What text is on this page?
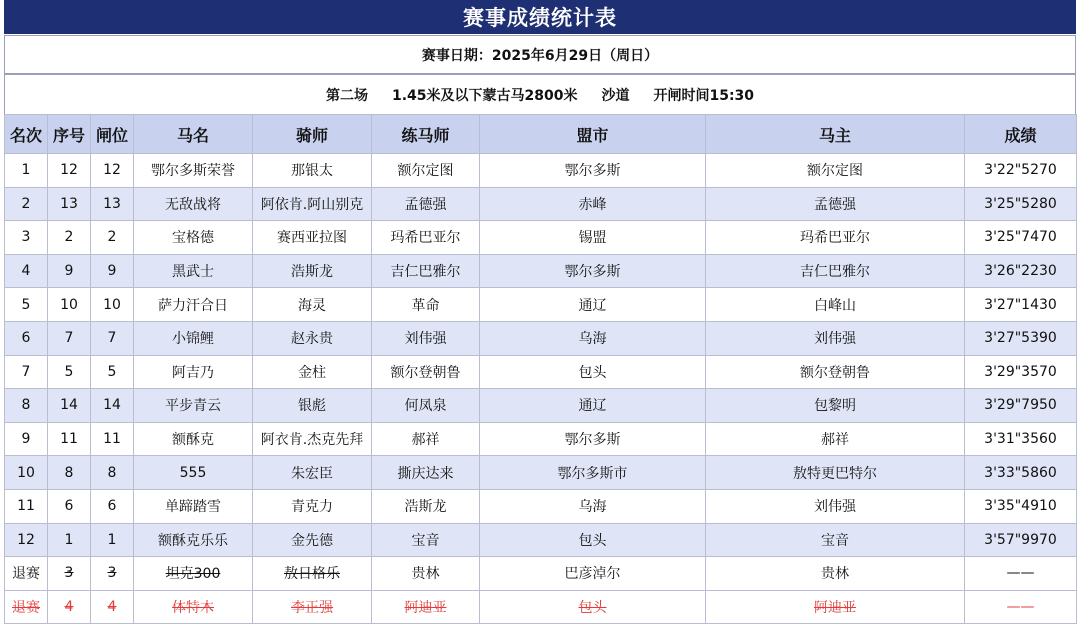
赛事成绩统计表
赛事日期：2025年6月29日（周日）
第二场 1.45米及以下蒙古马2800米 沙道 开闸时间15:30
名次	序号	闸位	马名	骑师	练马师	盟市	马主	成绩
1	12	12	鄂尔多斯荣誉	那银太	额尔定图	鄂尔多斯	额尔定图	3'22"5270
2	13	13	无敌战将	阿依肯.阿山别克	孟德强	赤峰	孟德强	3'25"5280
3	2	2	宝格德	赛西亚拉图	玛希巴亚尔	锡盟	玛希巴亚尔	3'25"7470
4	9	9	黑武士	浩斯龙	吉仁巴雅尔	鄂尔多斯	吉仁巴雅尔	3'26"2230
5	10	10	萨力汗合日	海灵	革命	通辽	白峰山	3'27"1430
6	7	7	小锦鲤	赵永贵	刘伟强	乌海	刘伟强	3'27"5390
7	5	5	阿吉乃	金柱	额尔登朝鲁	包头	额尔登朝鲁	3'29"3570
8	14	14	平步青云	银彪	何凤泉	通辽	包黎明	3'29"7950
9	11	11	额酥克	阿衣肯.杰克先拜	郝祥	鄂尔多斯	郝祥	3'31"3560
10	8	8	555	朱宏臣	撕庆达来	鄂尔多斯市	敖特更巴特尔	3'33"5860
11	6	6	单蹄踏雪	青克力	浩斯龙	乌海	刘伟强	3'35"4910
12	1	1	额酥克乐乐	金先德	宝音	包头	宝音	3'57"9970
退赛	3	3	坦克300	敖日格乐	贵林	巴彦淖尔	贵林	——
退赛	4	4	体特木	李正强	阿迪亚	包头	阿迪亚	——
